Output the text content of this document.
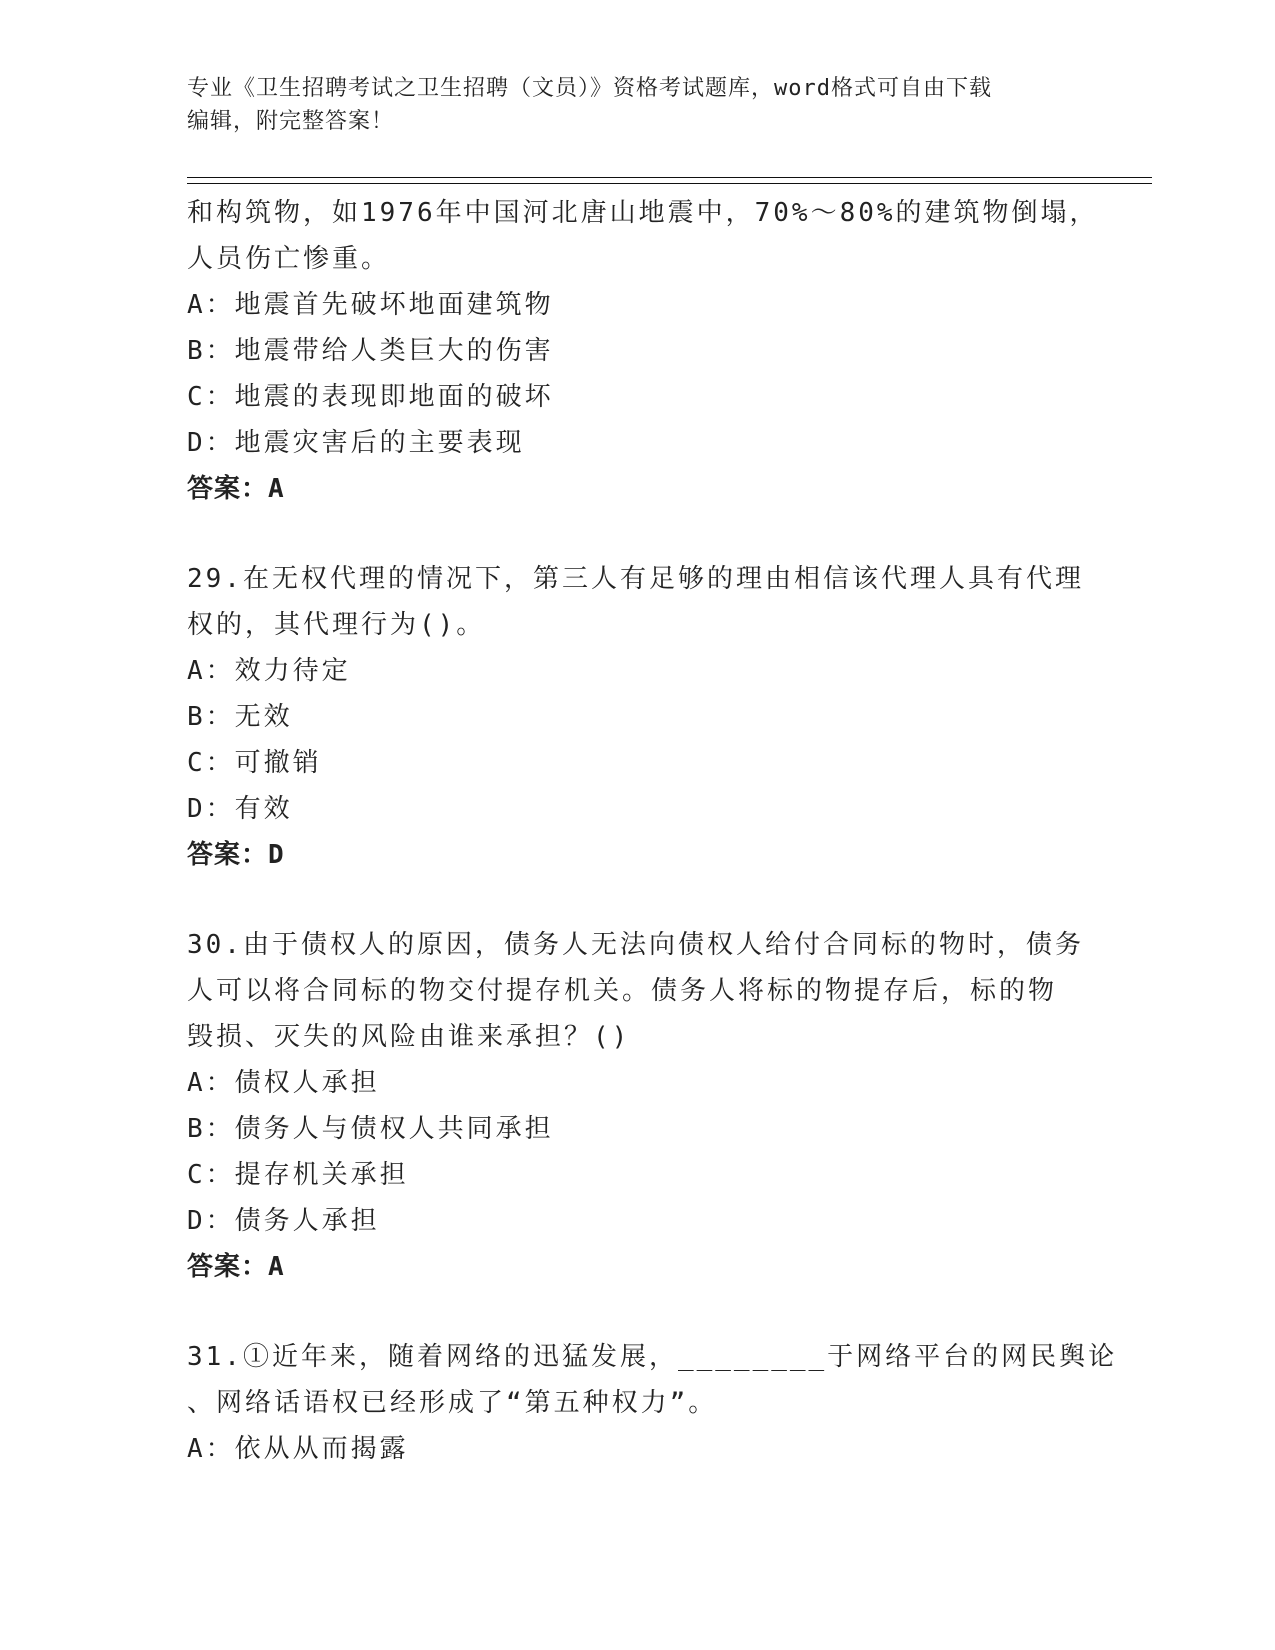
专业《卫生招聘考试之卫生招聘（文员）》资格考试题库，word格式可自由下载
编辑，附完整答案！
和构筑物，如1976年中国河北唐山地震中，70%～80%的建筑物倒塌，
人员伤亡惨重。
A：地震首先破坏地面建筑物
B：地震带给人类巨大的伤害
C：地震的表现即地面的破坏
D：地震灾害后的主要表现
答案：A
29.在无权代理的情况下，第三人有足够的理由相信该代理人具有代理
权的，其代理行为()。
A：效力待定
B：无效
C：可撤销
D：有效
答案：D
30.由于债权人的原因，债务人无法向债权人给付合同标的物时，债务
人可以将合同标的物交付提存机关。债务人将标的物提存后，标的物
毁损、灭失的风险由谁来承担？()
A：债权人承担
B：债务人与债权人共同承担
C：提存机关承担
D：债务人承担
答案：A
31.①近年来，随着网络的迅猛发展，________于网络平台的网民舆论
、网络话语权已经形成了“第五种权力”。
A：依从从而揭露
